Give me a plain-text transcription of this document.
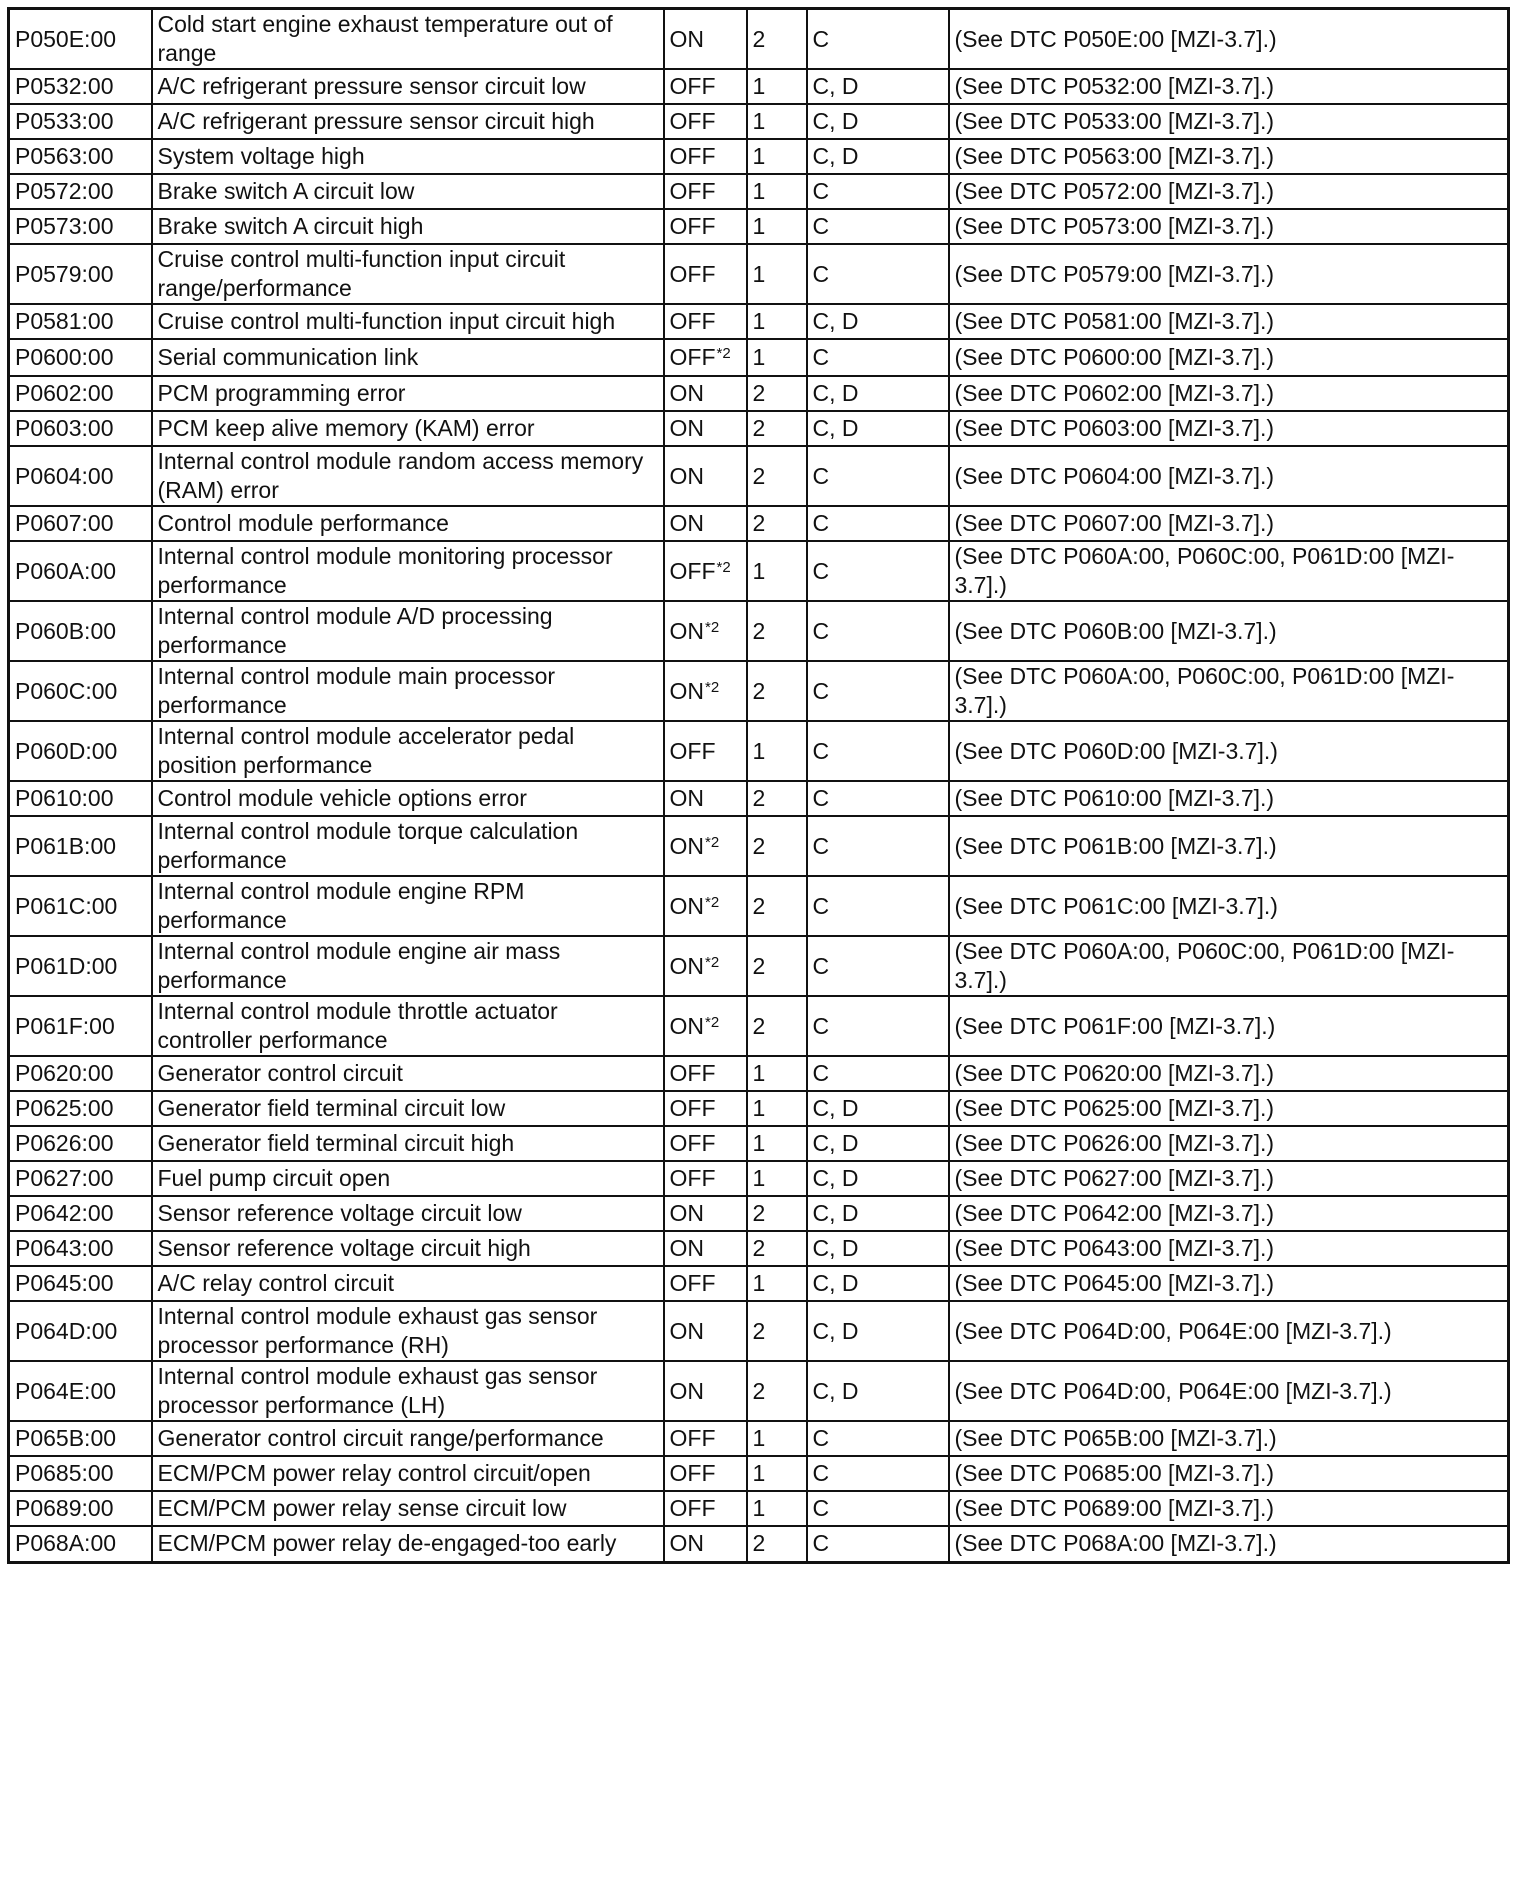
P050E:00	Cold start engine exhaust temperature out of range	ON	2	C	(See DTC P050E:00 [MZI-3.7].)
P0532:00	A/C refrigerant pressure sensor circuit low	OFF	1	C, D	(See DTC P0532:00 [MZI-3.7].)
P0533:00	A/C refrigerant pressure sensor circuit high	OFF	1	C, D	(See DTC P0533:00 [MZI-3.7].)
P0563:00	System voltage high	OFF	1	C, D	(See DTC P0563:00 [MZI-3.7].)
P0572:00	Brake switch A circuit low	OFF	1	C	(See DTC P0572:00 [MZI-3.7].)
P0573:00	Brake switch A circuit high	OFF	1	C	(See DTC P0573:00 [MZI-3.7].)
P0579:00	Cruise control multi-function input circuit range/performance	OFF	1	C	(See DTC P0579:00 [MZI-3.7].)
P0581:00	Cruise control multi-function input circuit high	OFF	1	C, D	(See DTC P0581:00 [MZI-3.7].)
P0600:00	Serial communication link	OFF$^{*2}$	1	C	(See DTC P0600:00 [MZI-3.7].)
P0602:00	PCM programming error	ON	2	C, D	(See DTC P0602:00 [MZI-3.7].)
P0603:00	PCM keep alive memory (KAM) error	ON	2	C, D	(See DTC P0603:00 [MZI-3.7].)
P0604:00	Internal control module random access memory (RAM) error	ON	2	C	(See DTC P0604:00 [MZI-3.7].)
P0607:00	Control module performance	ON	2	C	(See DTC P0607:00 [MZI-3.7].)
P060A:00	Internal control module monitoring processor performance	OFF$^{*2}$	1	C	(See DTC P060A:00, P060C:00, P061D:00 [MZI-3.7].)
P060B:00	Internal control module A/D processing performance	ON$^{*2}$	2	C	(See DTC P060B:00 [MZI-3.7].)
P060C:00	Internal control module main processor performance	ON$^{*2}$	2	C	(See DTC P060A:00, P060C:00, P061D:00 [MZI-3.7].)
P060D:00	Internal control module accelerator pedal position performance	OFF	1	C	(See DTC P060D:00 [MZI-3.7].)
P0610:00	Control module vehicle options error	ON	2	C	(See DTC P0610:00 [MZI-3.7].)
P061B:00	Internal control module torque calculation performance	ON$^{*2}$	2	C	(See DTC P061B:00 [MZI-3.7].)
P061C:00	Internal control module engine RPM performance	ON$^{*2}$	2	C	(See DTC P061C:00 [MZI-3.7].)
P061D:00	Internal control module engine air mass performance	ON$^{*2}$	2	C	(See DTC P060A:00, P060C:00, P061D:00 [MZI-3.7].)
P061F:00	Internal control module throttle actuator controller performance	ON$^{*2}$	2	C	(See DTC P061F:00 [MZI-3.7].)
P0620:00	Generator control circuit	OFF	1	C	(See DTC P0620:00 [MZI-3.7].)
P0625:00	Generator field terminal circuit low	OFF	1	C, D	(See DTC P0625:00 [MZI-3.7].)
P0626:00	Generator field terminal circuit high	OFF	1	C, D	(See DTC P0626:00 [MZI-3.7].)
P0627:00	Fuel pump circuit open	OFF	1	C, D	(See DTC P0627:00 [MZI-3.7].)
P0642:00	Sensor reference voltage circuit low	ON	2	C, D	(See DTC P0642:00 [MZI-3.7].)
P0643:00	Sensor reference voltage circuit high	ON	2	C, D	(See DTC P0643:00 [MZI-3.7].)
P0645:00	A/C relay control circuit	OFF	1	C, D	(See DTC P0645:00 [MZI-3.7].)
P064D:00	Internal control module exhaust gas sensor processor performance (RH)	ON	2	C, D	(See DTC P064D:00, P064E:00 [MZI-3.7].)
P064E:00	Internal control module exhaust gas sensor processor performance (LH)	ON	2	C, D	(See DTC P064D:00, P064E:00 [MZI-3.7].)
P065B:00	Generator control circuit range/performance	OFF	1	C	(See DTC P065B:00 [MZI-3.7].)
P0685:00	ECM/PCM power relay control circuit/open	OFF	1	C	(See DTC P0685:00 [MZI-3.7].)
P0689:00	ECM/PCM power relay sense circuit low	OFF	1	C	(See DTC P0689:00 [MZI-3.7].)
P068A:00	ECM/PCM power relay de-engaged-too early	ON	2	C	(See DTC P068A:00 [MZI-3.7].)
